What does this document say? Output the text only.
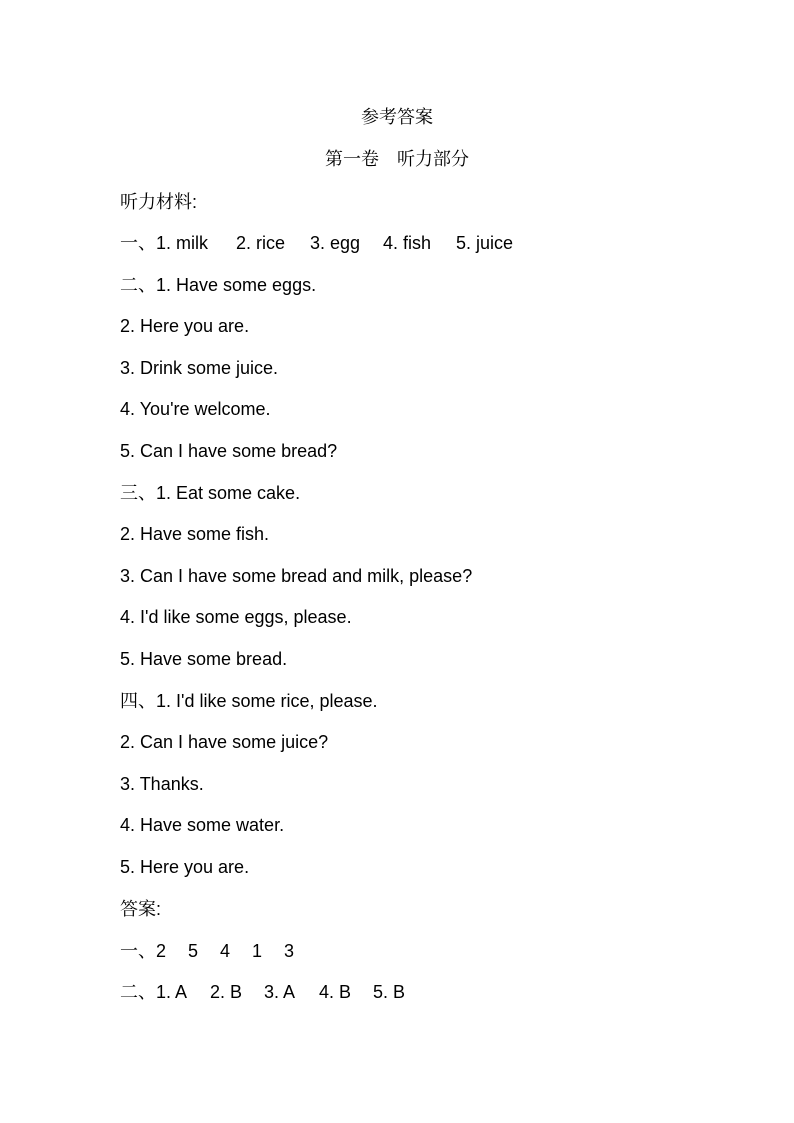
参考答案
第一卷 听力部分
听力材料:
一、1. milk 2. rice 3. egg 4. fish 5. juice
二、1. Have some eggs.
2. Here you are.
3. Drink some juice.
4. You're welcome.
5. Can I have some bread?
三、1. Eat some cake.
2. Have some fish.
3. Can I have some bread and milk, please?
4. I'd like some eggs, please.
5. Have some bread.
四、1. I'd like some rice, please.
2. Can I have some juice?
3. Thanks.
4. Have some water.
5. Here you are.
答案:
一、2 5 4 1 3
二、1. A 2. B 3. A 4. B 5. B
